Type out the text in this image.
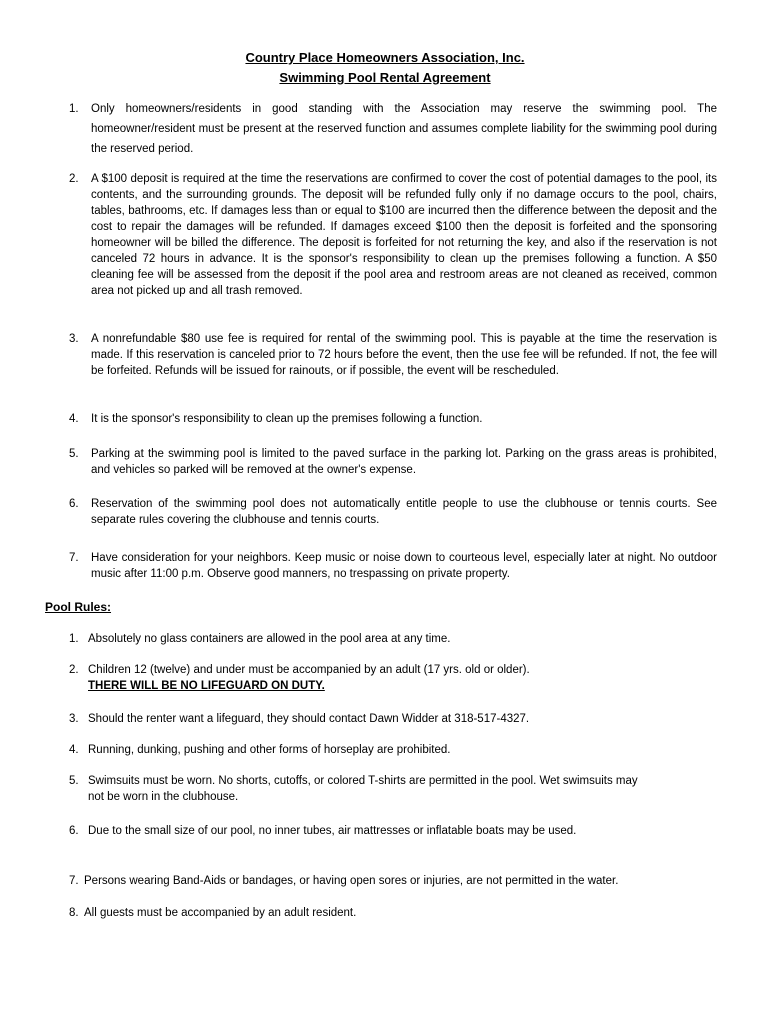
Country Place Homeowners Association, Inc.
Swimming Pool Rental Agreement
1. Only homeowners/residents in good standing with the Association may reserve the swimming pool. The homeowner/resident must be present at the reserved function and assumes complete liability for the swimming pool during the reserved period.
2. A $100 deposit is required at the time the reservations are confirmed to cover the cost of potential damages to the pool, its contents, and the surrounding grounds. The deposit will be refunded fully only if no damage occurs to the pool, chairs, tables, bathrooms, etc. If damages less than or equal to $100 are incurred then the difference between the deposit and the cost to repair the damages will be refunded. If damages exceed $100 then the deposit is forfeited and the sponsoring homeowner will be billed the difference. The deposit is forfeited for not returning the key, and also if the reservation is not canceled 72 hours in advance. It is the sponsor's responsibility to clean up the premises following a function. A $50 cleaning fee will be assessed from the deposit if the pool area and restroom areas are not cleaned as received, common area not picked up and all trash removed.
3. A nonrefundable $80 use fee is required for rental of the swimming pool. This is payable at the time the reservation is made. If this reservation is canceled prior to 72 hours before the event, then the use fee will be refunded. If not, the fee will be forfeited. Refunds will be issued for rainouts, or if possible, the event will be rescheduled.
4. It is the sponsor's responsibility to clean up the premises following a function.
5. Parking at the swimming pool is limited to the paved surface in the parking lot. Parking on the grass areas is prohibited, and vehicles so parked will be removed at the owner's expense.
6. Reservation of the swimming pool does not automatically entitle people to use the clubhouse or tennis courts. See separate rules covering the clubhouse and tennis courts.
7. Have consideration for your neighbors. Keep music or noise down to courteous level, especially later at night. No outdoor music after 11:00 p.m. Observe good manners, no trespassing on private property.
Pool Rules:
1. Absolutely no glass containers are allowed in the pool area at any time.
2. Children 12 (twelve) and under must be accompanied by an adult (17 yrs. old or older).
THERE WILL BE NO LIFEGUARD ON DUTY.
3. Should the renter want a lifeguard, they should contact Dawn Widder at 318-517-4327.
4. Running, dunking, pushing and other forms of horseplay are prohibited.
5. Swimsuits must be worn. No shorts, cutoffs, or colored T-shirts are permitted in the pool. Wet swimsuits may not be worn in the clubhouse.
6. Due to the small size of our pool, no inner tubes, air mattresses or inflatable boats may be used.
7. Persons wearing Band-Aids or bandages, or having open sores or injuries, are not permitted in the water.
8. All guests must be accompanied by an adult resident.
